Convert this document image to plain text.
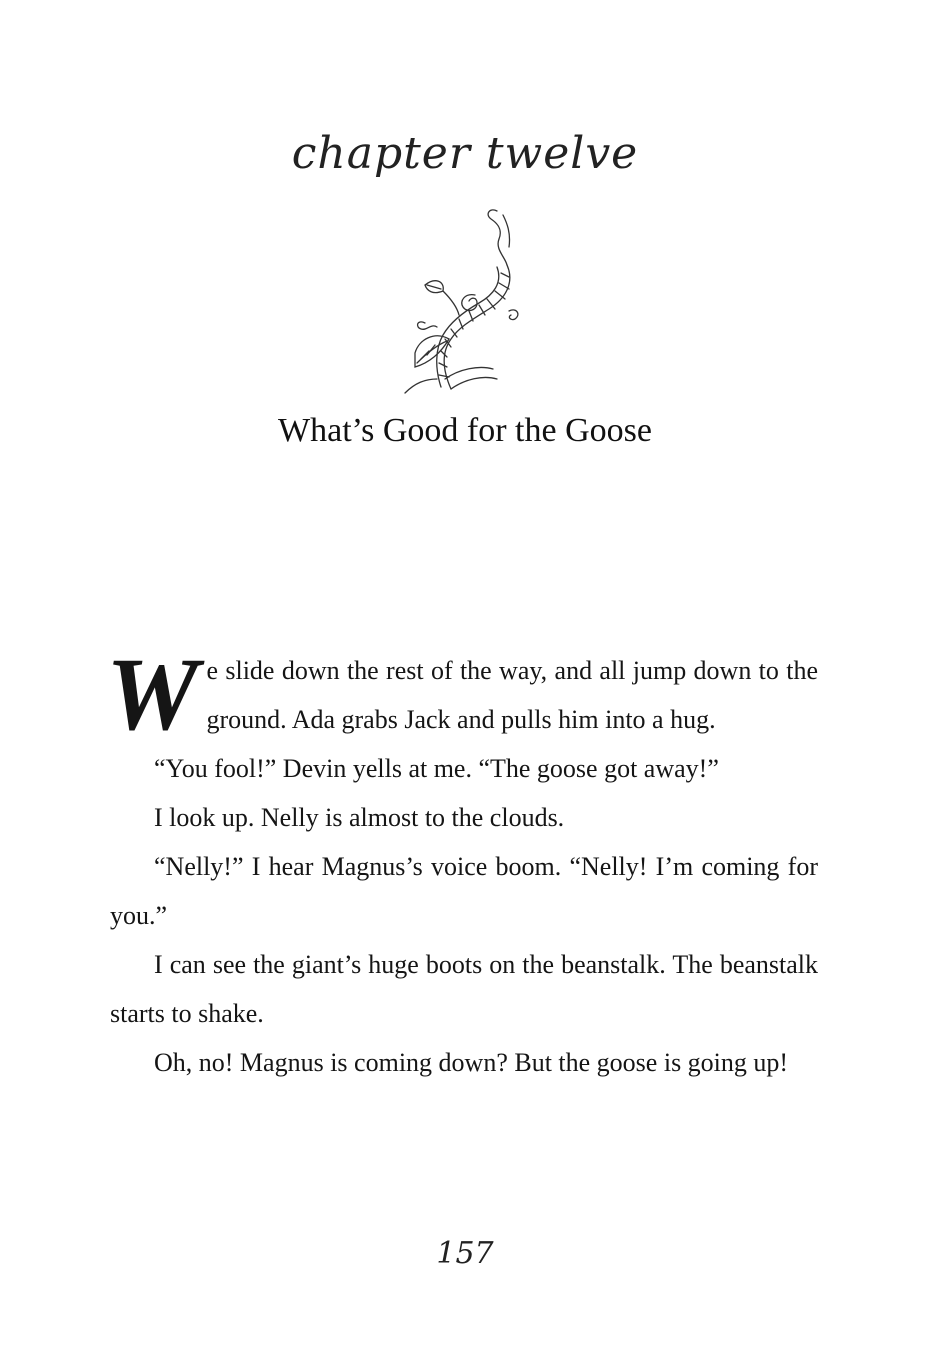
chapter twelve
What’s Good for the Goose

We slide down the rest of the way, and all jump down to the ground. Ada grabs Jack and pulls him into a hug.

“You fool!” Devin yells at me. “The goose got away!”

I look up. Nelly is almost to the clouds.

“Nelly!” I hear Magnus’s voice boom. “Nelly! I’m coming for you.”

I can see the giant’s huge boots on the beanstalk. The beanstalk starts to shake.

Oh, no! Magnus is coming down? But the goose is going up!

157
